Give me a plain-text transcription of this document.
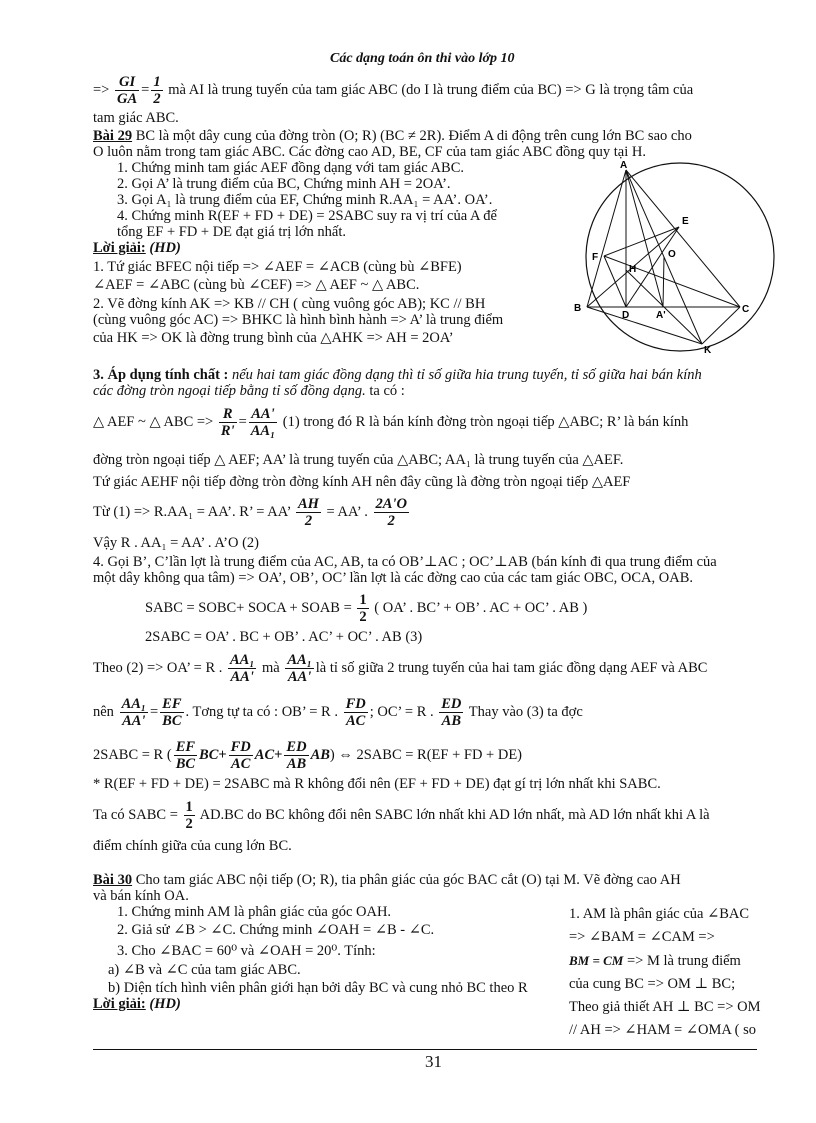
Các dạng toán ôn thi vào lớp 10
=> $\frac{GI}{GA} = \frac{1}{2}$ mà AI là trung tuyến của tam giác ABC (do I là trung điểm của BC) => G là trọng tâm của
tam giác ABC.
Bài 29 BC là một dây cung của đờng tròn (O; R) (BC ≠ 2R). Điểm A di động trên cung lớn BC sao cho
O luôn nằm trong tam giác ABC. Các đờng cao AD, BE, CF của tam giác ABC đồng quy tại H.
1. Chứng minh tam giác AEF đồng dạng với tam giác ABC.
2. Gọi A’ là trung điểm của BC, Chứng minh AH = 2OA’.
3. Gọi A₁ là trung điểm của EF, Chứng minh R.AA₁ = AA’. OA’.
4. Chứng minh R(EF + FD + DE) = 2SABC suy ra vị trí của A để
tổng EF + FD + DE đạt giá trị lớn nhất.
Lời giải: (HD)
1. Tứ giác BFEC nội tiếp => ∠AEF = ∠ACB (cùng bù ∠BFE)
∠AEF = ∠ABC (cùng bù ∠CEF) => △ AEF ~ △ ABC.
2. Vẽ đờng kính AK => KB // CH ( cùng vuông góc AB); KC // BH
(cùng vuông góc AC) => BHKC là hình bình hành => A’ là trung điểm
của HK => OK là đờng trung bình của △AHK => AH = 2OA’
A
E
F
H
O
B
D	A'
C
K
3. Áp dụng tính chất : nếu hai tam giác đồng dạng thì tỉ số giữa hia trung tuyến, tỉ số giữa hai bán kính
các đờng tròn ngoại tiếp bằng tỉ số đồng dạng. ta có :
△ AEF ~ △ ABC => $\frac{R}{R'} = \frac{AA'}{\text{AA₁}} (1)$ trong đó R là bán kính đờng tròn ngoại tiếp △ABC; R’ là bán kính
đờng tròn ngoại tiếp △ AEF; AA’ là trung tuyến của △ABC; AA₁ là trung tuyến của △AEF.
Tứ giác AEHF nội tiếp đờng tròn đờng kính AH nên đây cũng là đờng tròn ngoại tiếp △AEF
Từ (1) => R.AA₁ = AA’. R’ = AA’ $\frac{AH}{2}$ = AA’ . $\frac{2A'O}{2}$
Vậy R . AA₁ = AA’ . A’O (2)
4. Gọi B’, C’lần lợt là trung điểm của AC, AB, ta có OB’⊥AC ; OC’⊥AB (bán kính đi qua trung điểm của
một dây không qua tâm) => OA’, OB’, OC’ lần lợt là các đờng cao của các tam giác OBC, OCA, OAB.
SABC = SOBC+ SOCA + SOAB = $\frac{1}{2}$ ( OA’ . BC’ + OB’ . AC + OC’ . AB )
2SABC = OA’ . BC + OB’ . AC’ + OC’ . AB (3)
Theo (2) => OA’ = R . $\frac{\text{AA₁}}{AA'}$ mà $\frac{\text{AA₁}}{AA'}$ là tỉ số giữa 2 trung tuyến của hai tam giác đồng dạng AEF và ABC
nên $\frac{\text{AA₁}}{AA'} = \frac{EF}{BC}$ . Tơng tự ta có : OB’ = R . $\frac{FD}{AC}$ ; OC’ = R . $\frac{ED}{AB}$ Thay vào (3) ta đợc
2SABC = R ( $\frac{EF}{BC} BC+ \frac{FD}{AC} AC+ \frac{ED}{AB} AB$) ⇔ 2SABC = R(EF + FD + DE)
* R(EF + FD + DE) = 2SABC mà R không đổi nên (EF + FD + DE) đạt gí trị lớn nhất khi SABC.
Ta có SABC = $\frac{1}{2} AD.BC$ do BC không đổi nên SABC lớn nhất khi AD lớn nhất, mà AD lớn nhất khi A là
điểm chính giữa của cung lớn BC.
Bài 30 Cho tam giác ABC nội tiếp (O; R), tia phân giác của góc BAC cắt (O) tại M. Vẽ đờng cao AH
và bán kính OA.
1. Chứng minh AM là phân giác của góc OAH.
2. Giả sử ∠B > ∠C. Chứng minh ∠OAH = ∠B - ∠C.
3. Cho ∠BAC = 60⁰ và ∠OAH = 20⁰. Tính:
a) ∠B và ∠C của tam giác ABC.
b) Diện tích hình viên phân giới hạn bởi dây BC và cung nhỏ BC theo R
Lời giải: (HD)
1. AM là phân giác của ∠BAC
=> ∠BAM = ∠CAM =>
BM = CM => M là trung điểm
của cung BC => OM ⊥ BC;
Theo giả thiết AH ⊥ BC => OM
// AH => ∠HAM = ∠OMA ( so
31
